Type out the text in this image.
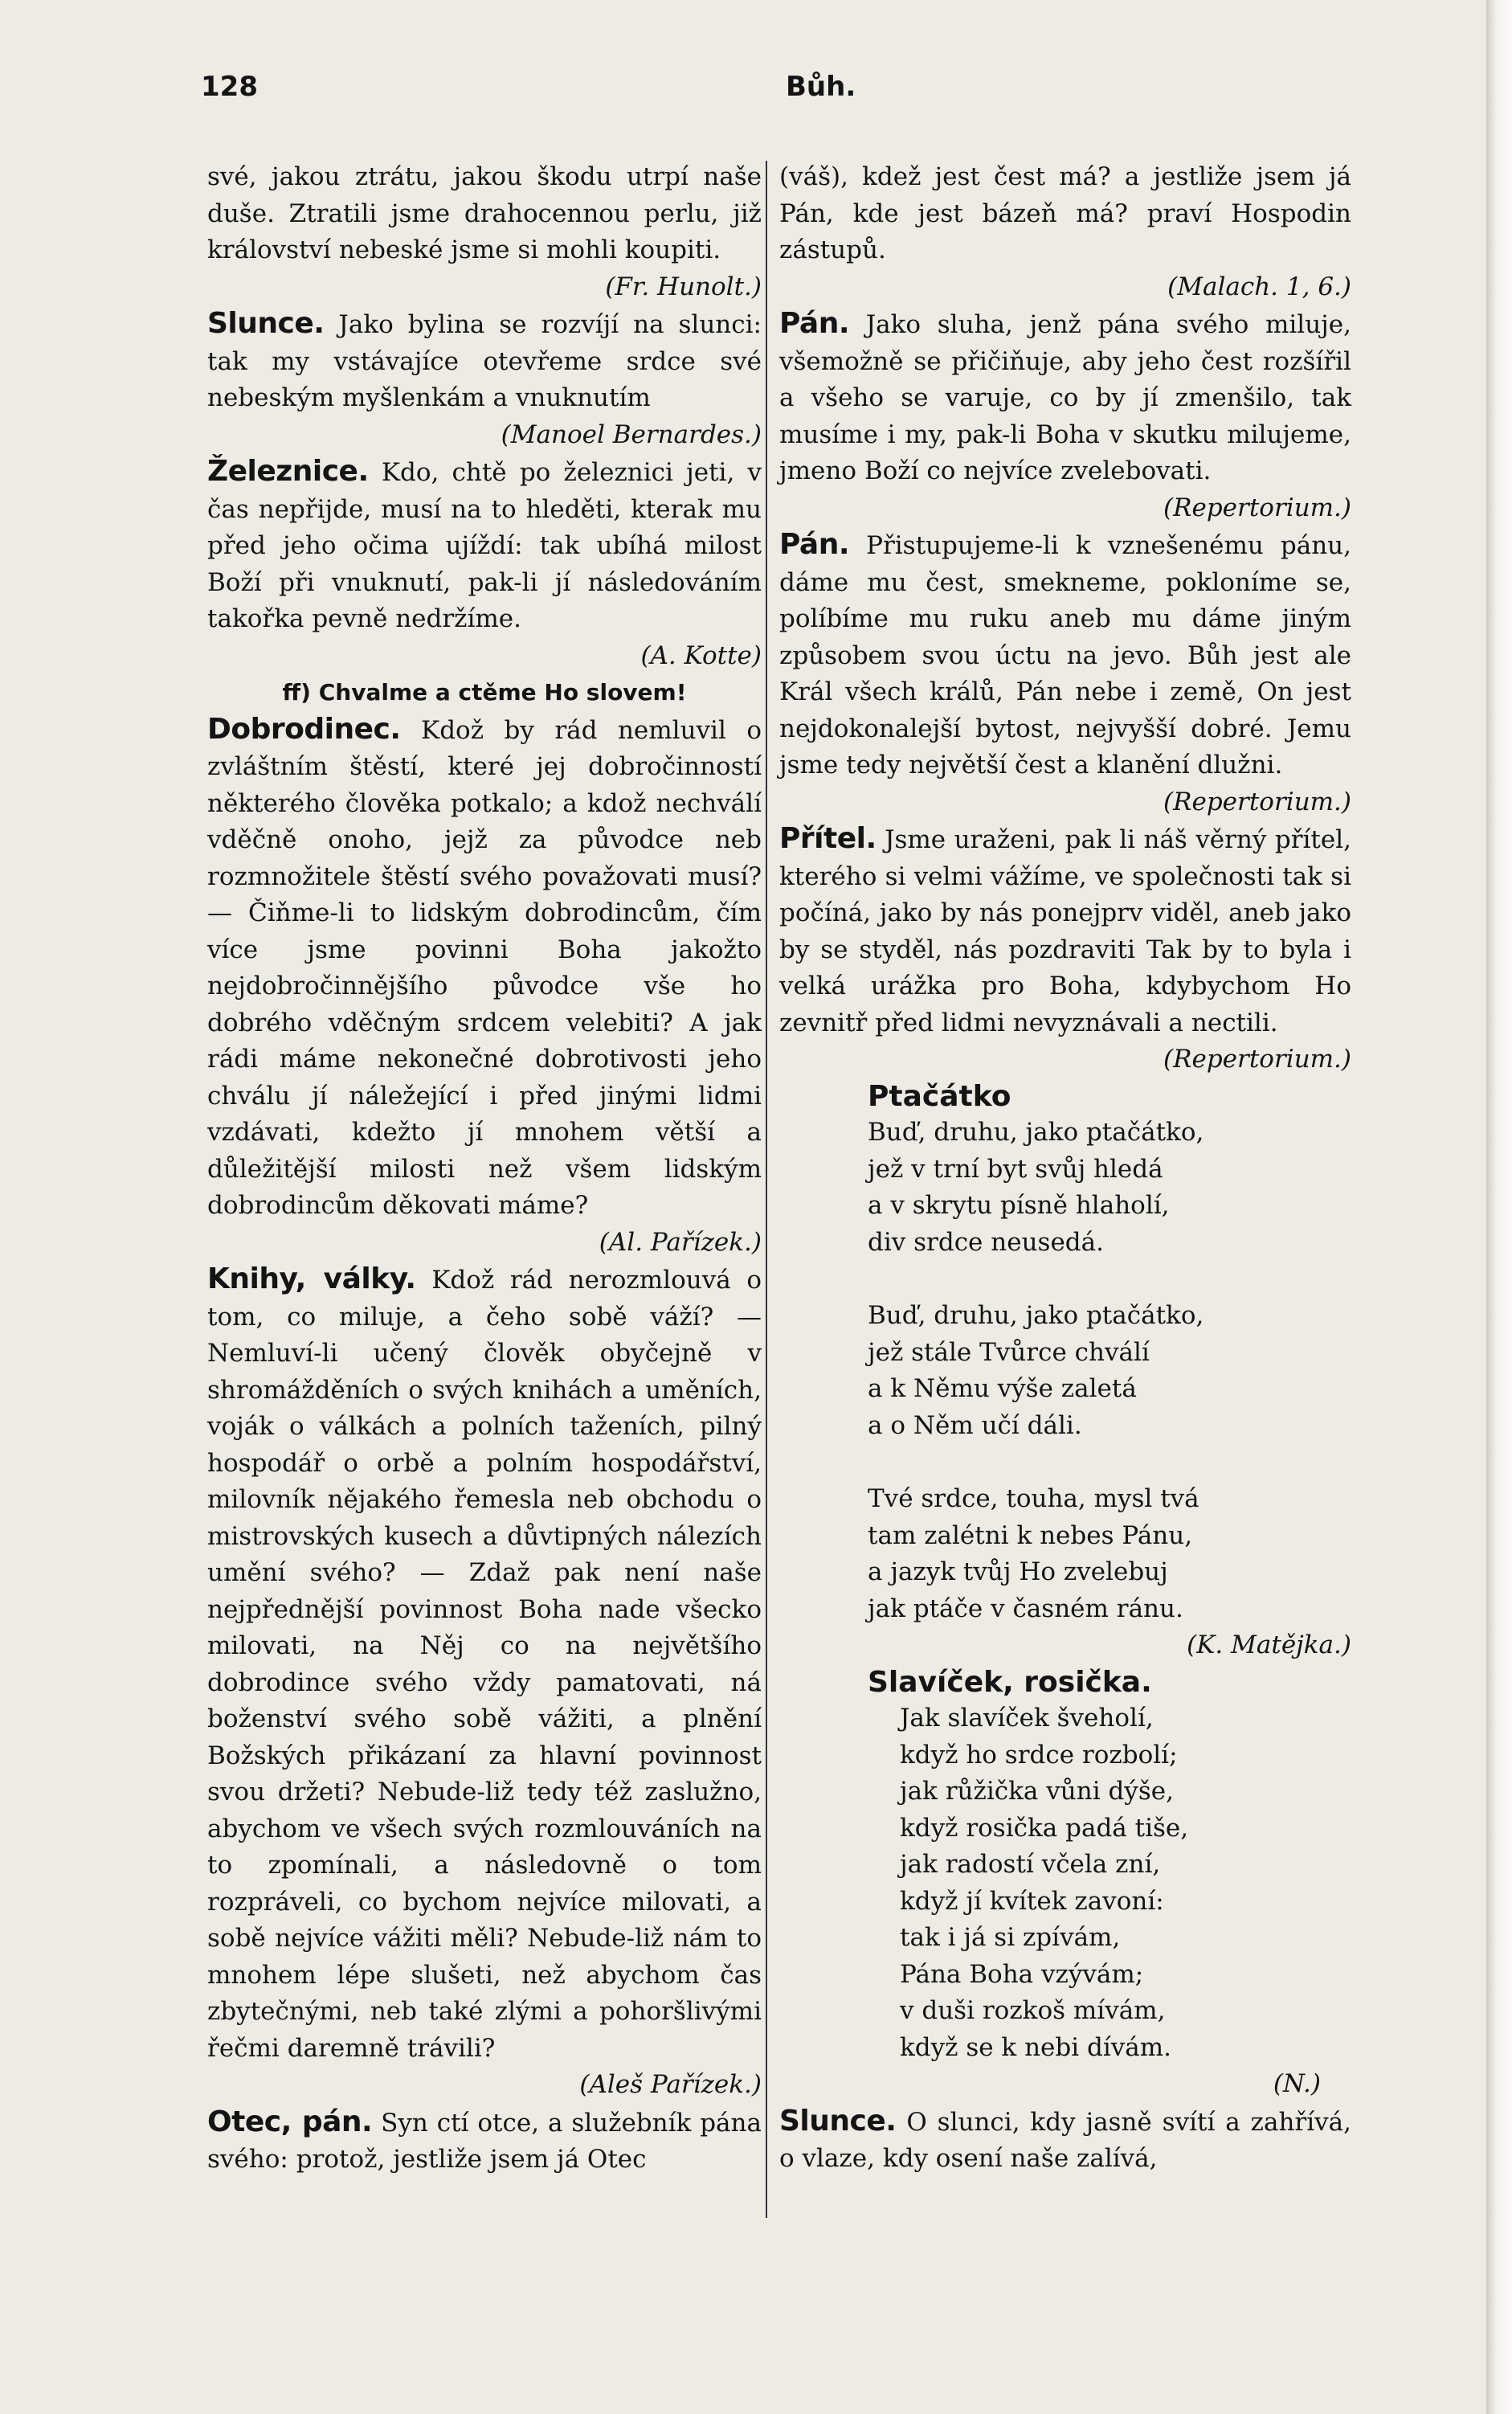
128	Bůh.

své, jakou ztrátu, jakou škodu utrpí naše duše. Ztratili jsme drahocennou perlu, již království nebeské jsme si mohli koupiti.

(Fr. Hunolt.)

Slunce. Jako bylina se rozvíjí na slunci: tak my vstávajíce otevřeme srdce své nebeským myšlenkám a vnuknutím

(Manoel Bernardes.)

Železnice. Kdo, chtě po železnici jeti, v čas nepřijde, musí na to hleděti, kterak mu před jeho očima ujíždí: tak ubíhá milost Boží při vnuknutí, pak-li jí následováním takořka pevně nedržíme.

(A. Kotte)

ff) Chvalme a ctěme Ho slovem!

Dobrodinec. Kdož by rád nemluvil o zvláštním štěstí, které jej dobročinností některého člověka potkalo; a kdož nechválí vděčně onoho, jejž za původce neb rozmnožitele štěstí svého považovati musí? — Čiňme-li to lidským dobrodincům, čím více jsme povinni Boha jakožto nejdobročinnějšího původce vše ho dobrého vděčným srdcem velebiti? A jak rádi máme nekonečné dobrotivosti jeho chválu jí náležející i před jinými lidmi vzdávati, kdežto jí mnohem větší a důležitější milosti než všem lidským dobrodincům děkovati máme?

(Al. Pařízek.)

Knihy, války. Kdož rád nerozmlouvá o tom, co miluje, a čeho sobě váží? — Nemluví-li učený člověk obyčejně v shromážděních o svých knihách a uměních, voják o válkách a polních taženích, pilný hospodář o orbě a polním hospodářství, milovník nějakého řemesla neb obchodu o mistrovských kusech a důvtipných nálezích umění svého? — Zdaž pak není naše nejpřednější povinnost Boha nade všecko milovati, na Něj co na největšího dobrodince svého vždy pamatovati, ná boženství svého sobě vážiti, a plnění Božských přikázaní za hlavní povinnost svou držeti? Nebude-liž tedy též zaslužno, abychom ve všech svých rozmlouváních na to zpomínali, a následovně o tom rozpráveli, co bychom nejvíce milovati, a sobě nejvíce vážiti měli? Nebude-liž nám to mnohem lépe slušeti, než abychom čas zbytečnými, neb také zlými a pohoršlivými řečmi daremně trávili?

(Aleš Pařízek.)

Otec, pán. Syn ctí otce, a služebník pána svého: protož, jestliže jsem já Otec

(váš), kdež jest čest má? a jestliže jsem já Pán, kde jest bázeň má? praví Hospodin zástupů.

(Malach. 1, 6.)

Pán. Jako sluha, jenž pána svého miluje, všemožně se přičiňuje, aby jeho čest rozšířil a všeho se varuje, co by jí zmenšilo, tak musíme i my, pak-li Boha v skutku milujeme, jmeno Boží co nejvíce zvelebovati.

(Repertorium.)

Pán. Přistupujeme-li k vznešenému pánu, dáme mu čest, smekneme, pokloníme se, políbíme mu ruku aneb mu dáme jiným způsobem svou úctu na jevo. Bůh jest ale Král všech králů, Pán nebe i země, On jest nejdokonalejší bytost, nejvyšší dobré. Jemu jsme tedy největší čest a klanění dlužni.

(Repertorium.)

Přítel. Jsme uraženi, pak li náš věrný přítel, kterého si velmi vážíme, ve společnosti tak si počíná, jako by nás ponejprv viděl, aneb jako by se styděl, nás pozdraviti Tak by to byla i velká urážka pro Boha, kdybychom Ho zevnitř před lidmi nevyznávali a nectili.

(Repertorium.)

Ptačátko

Buď, druhu, jako ptačátko,
jež v trní byt svůj hledá
a v skrytu písně hlaholí,
div srdce neusedá.
Buď, druhu, jako ptačátko,
jež stále Tvůrce chválí
a k Němu výše zaletá
a o Něm učí dáli.
Tvé srdce, touha, mysl tvá
tam zalétni k nebes Pánu,
a jazyk tvůj Ho zvelebuj
jak ptáče v časném ránu.

(K. Matějka.)

Slavíček, rosička.

Jak slavíček šveholí,
když ho srdce rozbolí;
jak růžička vůni dýše,
když rosička padá tiše,
jak radostí včela zní,
když jí kvítek zavoní:
tak i já si zpívám,
Pána Boha vzývám;
v duši rozkoš mívám,
když se k nebi dívám.

(N.)

Slunce. O slunci, kdy jasně svítí a zahřívá, o vlaze, kdy osení naše zalívá,
